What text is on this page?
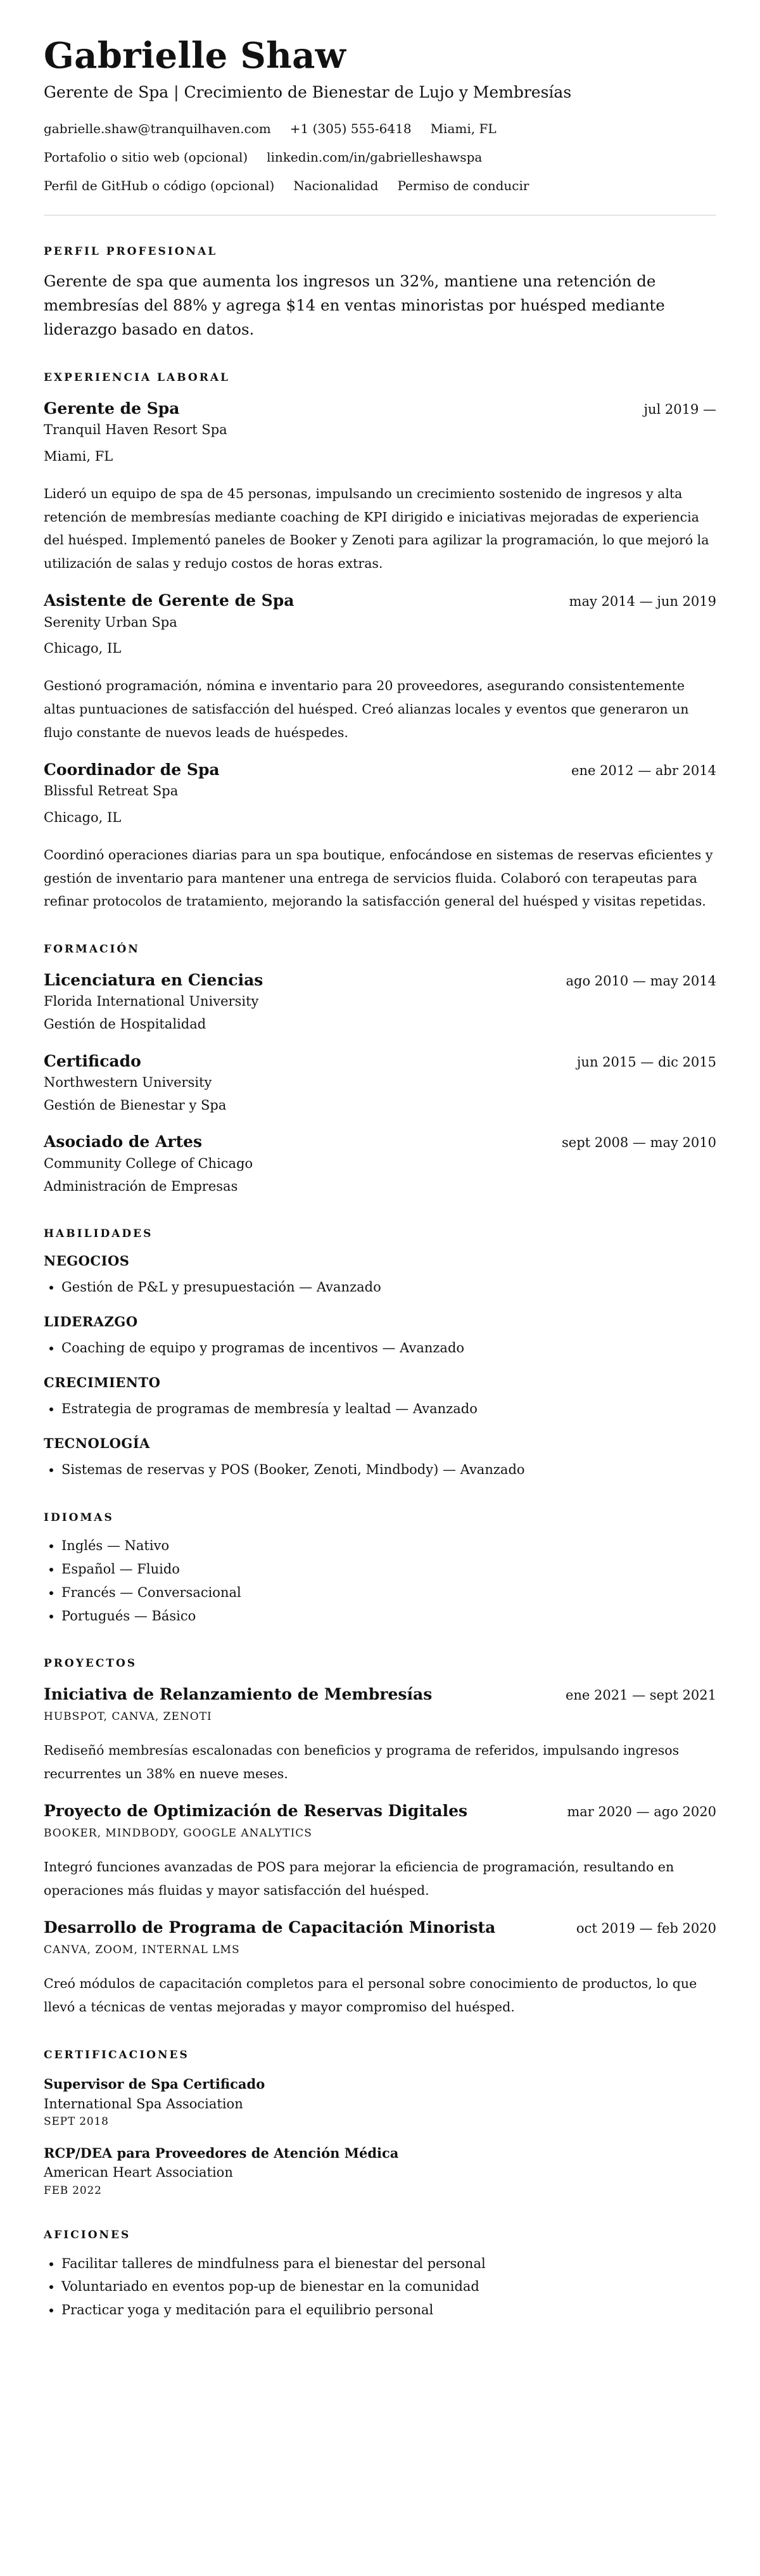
Gabrielle Shaw
Gerente de Spa | Crecimiento de Bienestar de Lujo y Membresías
gabrielle.shaw@tranquilhaven.com +1 (305) 555-6418 Miami, FL
Portafolio o sitio web (opcional) linkedin.com/in/gabrielleshawspa
Perfil de GitHub o código (opcional) Nacionalidad Permiso de conducir
PERFIL PROFESIONAL

Gerente de spa que aumenta los ingresos un 32%, mantiene una retención de membresías del 88% y agrega $14 en ventas minoristas por huésped mediante liderazgo basado en datos.

EXPERIENCIA LABORAL
Gerente de Spa	jul 2019 —
Tranquil Haven Resort Spa
Miami, FL
Lideró un equipo de spa de 45 personas, impulsando un crecimiento sostenido de ingresos y alta retención de membresías mediante coaching de KPI dirigido e iniciativas mejoradas de experiencia del huésped. Implementó paneles de Booker y Zenoti para agilizar la programación, lo que mejoró la utilización de salas y redujo costos de horas extras.
Asistente de Gerente de Spa	may 2014 — jun 2019
Serenity Urban Spa
Chicago, IL
Gestionó programación, nómina e inventario para 20 proveedores, asegurando consistentemente altas puntuaciones de satisfacción del huésped. Creó alianzas locales y eventos que generaron un flujo constante de nuevos leads de huéspedes.
Coordinador de Spa	ene 2012 — abr 2014
Blissful Retreat Spa
Chicago, IL
Coordinó operaciones diarias para un spa boutique, enfocándose en sistemas de reservas eficientes y gestión de inventario para mantener una entrega de servicios fluida. Colaboró con terapeutas para refinar protocolos de tratamiento, mejorando la satisfacción general del huésped y visitas repetidas.
FORMACIÓN
Licenciatura en Ciencias	ago 2010 — may 2014
Florida International University
Gestión de Hospitalidad
Certificado	jun 2015 — dic 2015
Northwestern University
Gestión de Bienestar y Spa
Asociado de Artes	sept 2008 — may 2010
Community College of Chicago
Administración de Empresas
HABILIDADES
NEGOCIOS
• Gestión de P&L y presupuestación — Avanzado
LIDERAZGO
• Coaching de equipo y programas de incentivos — Avanzado
CRECIMIENTO
• Estrategia de programas de membresía y lealtad — Avanzado
TECNOLOGÍA
• Sistemas de reservas y POS (Booker, Zenoti, Mindbody) — Avanzado
IDIOMAS
• Inglés — Nativo
• Español — Fluido
• Francés — Conversacional
• Portugués — Básico
PROYECTOS
Iniciativa de Relanzamiento de Membresías	ene 2021 — sept 2021
HUBSPOT, CANVA, ZENOTI
Rediseñó membresías escalonadas con beneficios y programa de referidos, impulsando ingresos recurrentes un 38% en nueve meses.
Proyecto de Optimización de Reservas Digitales	mar 2020 — ago 2020
BOOKER, MINDBODY, GOOGLE ANALYTICS
Integró funciones avanzadas de POS para mejorar la eficiencia de programación, resultando en operaciones más fluidas y mayor satisfacción del huésped.
Desarrollo de Programa de Capacitación Minorista	oct 2019 — feb 2020
CANVA, ZOOM, INTERNAL LMS
Creó módulos de capacitación completos para el personal sobre conocimiento de productos, lo que llevó a técnicas de ventas mejoradas y mayor compromiso del huésped.
CERTIFICACIONES
Supervisor de Spa Certificado
International Spa Association
SEPT 2018
RCP/DEA para Proveedores de Atención Médica
American Heart Association
FEB 2022
AFICIONES
• Facilitar talleres de mindfulness para el bienestar del personal
• Voluntariado en eventos pop-up de bienestar en la comunidad
• Practicar yoga y meditación para el equilibrio personal
